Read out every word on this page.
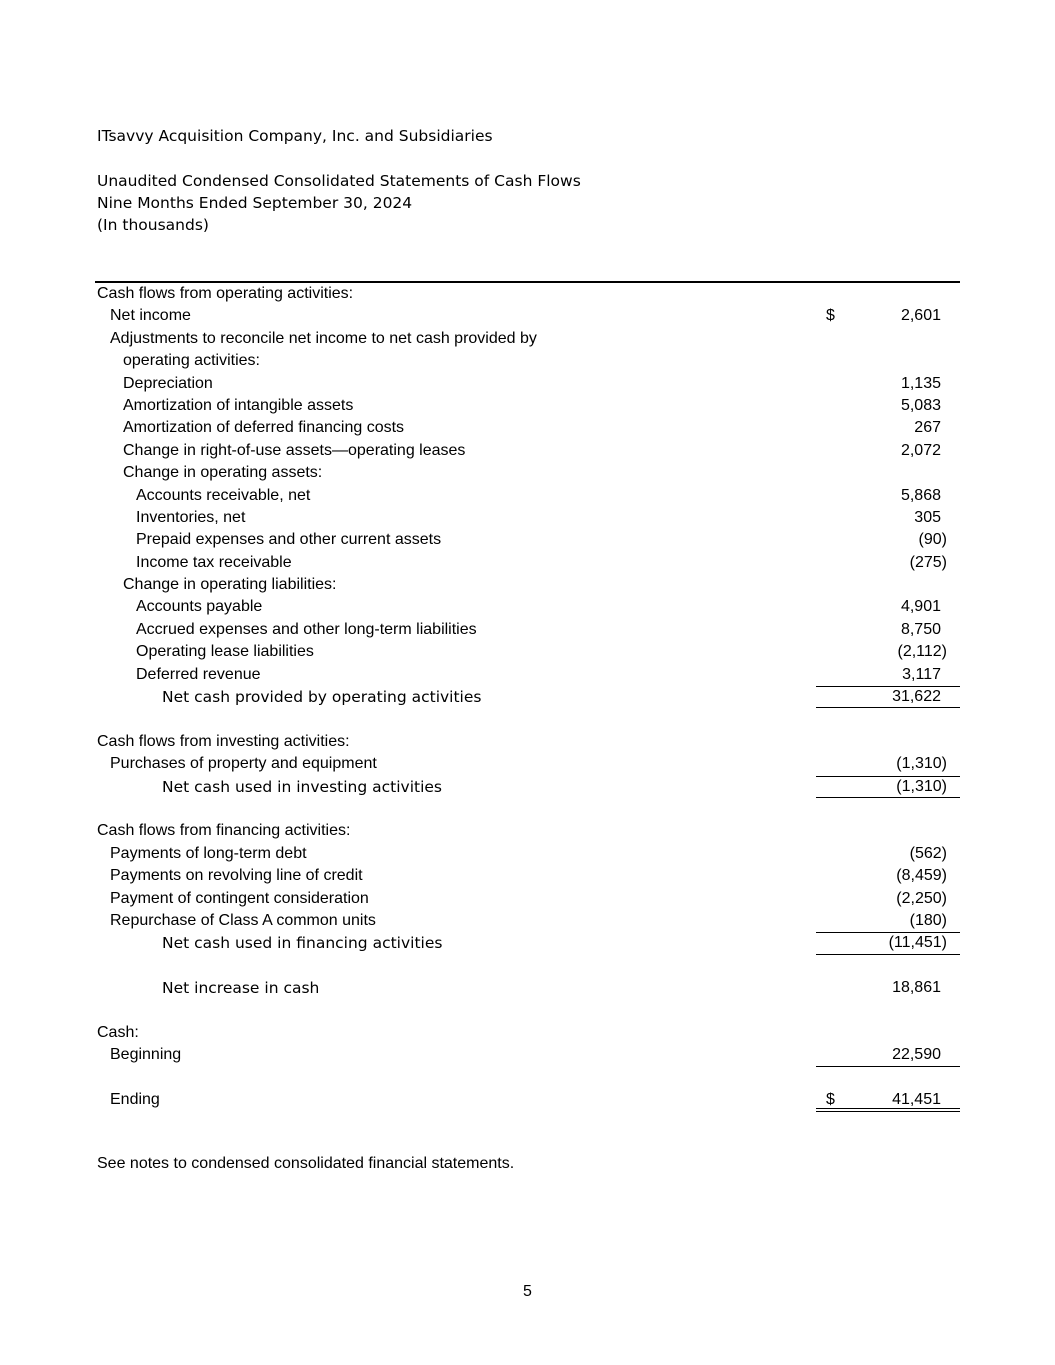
ITsavvy Acquisition Company, Inc. and Subsidiaries
Unaudited Condensed Consolidated Statements of Cash Flows
Nine Months Ended September 30, 2024
(In thousands)
Cash flows from operating activities:
Net income	$	2,601
Adjustments to reconcile net income to net cash provided by
operating activities:
Depreciation	1,135
Amortization of intangible assets	5,083
Amortization of deferred financing costs	267
Change in right-of-use assets—operating leases	2,072
Change in operating assets:
Accounts receivable, net	5,868
Inventories, net	305
Prepaid expenses and other current assets	(90)
Income tax receivable	(275)
Change in operating liabilities:
Accounts payable	4,901
Accrued expenses and other long-term liabilities	8,750
Operating lease liabilities	(2,112)
Deferred revenue	3,117
Net cash provided by operating activities	31,622
Cash flows from investing activities:
Purchases of property and equipment	(1,310)
Net cash used in investing activities	(1,310)
Cash flows from financing activities:
Payments of long-term debt	(562)
Payments on revolving line of credit	(8,459)
Payment of contingent consideration	(2,250)
Repurchase of Class A common units	(180)
Net cash used in financing activities	(11,451)
Net increase in cash	18,861
Cash:
Beginning	22,590
Ending	$	41,451
See notes to condensed consolidated financial statements.
5
